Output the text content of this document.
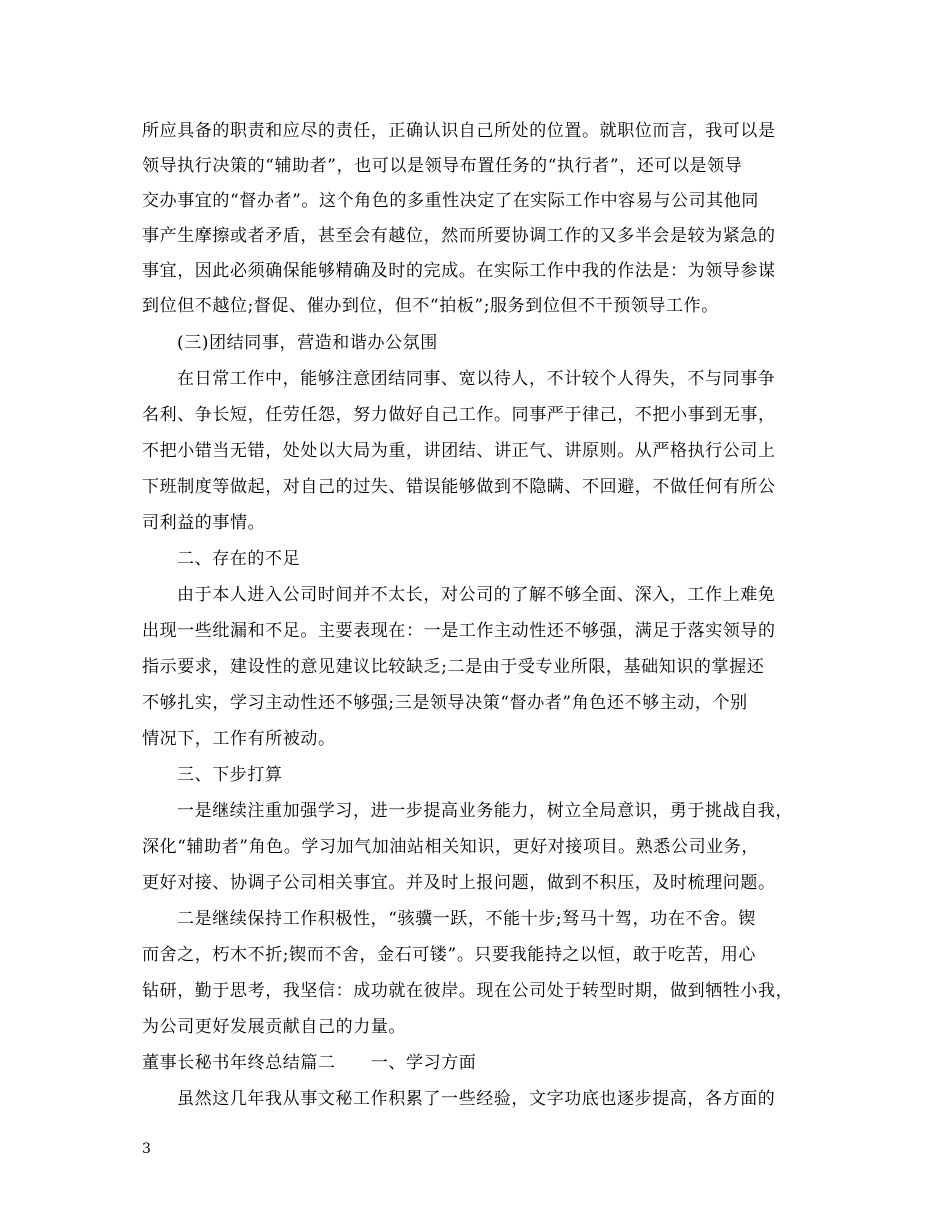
所应具备的职责和应尽的责任，正确认识自己所处的位置。就职位而言，我可以是
领导执行决策的“辅助者”，也可以是领导布置任务的“执行者”，还可以是领导
交办事宜的“督办者”。这个角色的多重性决定了在实际工作中容易与公司其他同
事产生摩擦或者矛盾，甚至会有越位，然而所要协调工作的又多半会是较为紧急的
事宜，因此必须确保能够精确及时的完成。在实际工作中我的作法是：为领导参谋
到位但不越位;督促、催办到位，但不“拍板”;服务到位但不干预领导工作。
(三)团结同事，营造和谐办公氛围
在日常工作中，能够注意团结同事、宽以待人，不计较个人得失，不与同事争
名利、争长短，任劳任怨，努力做好自己工作。同事严于律己，不把小事到无事，
不把小错当无错，处处以大局为重，讲团结、讲正气、讲原则。从严格执行公司上
下班制度等做起，对自己的过失、错误能够做到不隐瞒、不回避，不做任何有所公
司利益的事情。
二、存在的不足
由于本人进入公司时间并不太长，对公司的了解不够全面、深入，工作上难免
出现一些纰漏和不足。主要表现在：一是工作主动性还不够强，满足于落实领导的
指示要求，建设性的意见建议比较缺乏;二是由于受专业所限，基础知识的掌握还
不够扎实，学习主动性还不够强;三是领导决策“督办者”角色还不够主动，个别
情况下，工作有所被动。
三、下步打算
一是继续注重加强学习，进一步提高业务能力，树立全局意识，勇于挑战自我，
深化“辅助者”角色。学习加气加油站相关知识，更好对接项目。熟悉公司业务，
更好对接、协调子公司相关事宜。并及时上报问题，做到不积压，及时梳理问题。
二是继续保持工作积极性，“骇骥一跃，不能十步;驽马十驾，功在不舍。锲
而舍之，朽木不折;锲而不舍，金石可镂”。只要我能持之以恒，敢于吃苦，用心
钻研，勤于思考，我坚信：成功就在彼岸。现在公司处于转型时期，做到牺牲小我，
为公司更好发展贡献自己的力量。
董事长秘书年终总结篇二　　一、学习方面
虽然这几年我从事文秘工作积累了一些经验，文字功底也逐步提高，各方面的
3
